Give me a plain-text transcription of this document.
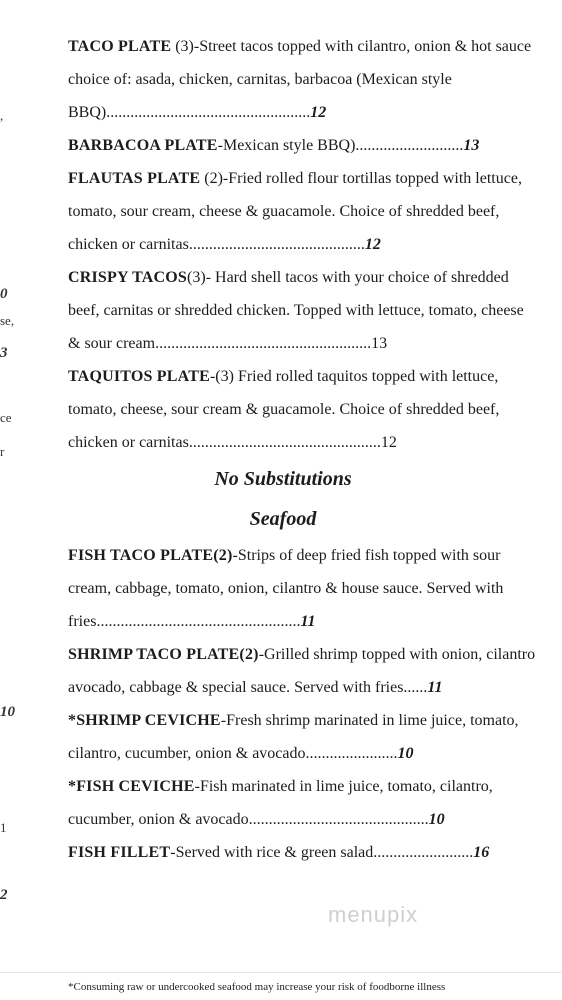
,
0
se,
3
ce
r
10
1
2

TACO PLATE (3)-Street tacos topped with cilantro, onion & hot sauce choice of: asada, chicken, carnitas, barbacoa (Mexican style BBQ)...................................................12

BARBACOA PLATE-Mexican style BBQ)...........................13

FLAUTAS PLATE (2)-Fried rolled flour tortillas topped with lettuce, tomato, sour cream, cheese & guacamole. Choice of shredded beef, chicken or carnitas............................................12

CRISPY TACOS(3)- Hard shell tacos with your choice of shredded beef, carnitas or shredded chicken. Topped with lettuce, tomato, cheese & sour cream......................................................13

TAQUITOS PLATE-(3) Fried rolled taquitos topped with lettuce, tomato, cheese, sour cream & guacamole. Choice of shredded beef, chicken or carnitas................................................12

No Substitutions
Seafood

FISH TACO PLATE(2)-Strips of deep fried fish topped with sour cream, cabbage, tomato, onion, cilantro & house sauce. Served with fries...................................................11

SHRIMP TACO PLATE(2)-Grilled shrimp topped with onion, cilantro avocado, cabbage & special sauce. Served with fries......11

*SHRIMP CEVICHE-Fresh shrimp marinated in lime juice, tomato, cilantro, cucumber, onion & avocado.......................10

*FISH CEVICHE-Fish marinated in lime juice, tomato, cilantro, cucumber, onion & avocado.............................................10

FISH FILLET-Served with rice & green salad.........................16

menupix
*Consuming raw or undercooked seafood may increase your risk of foodborne illness
